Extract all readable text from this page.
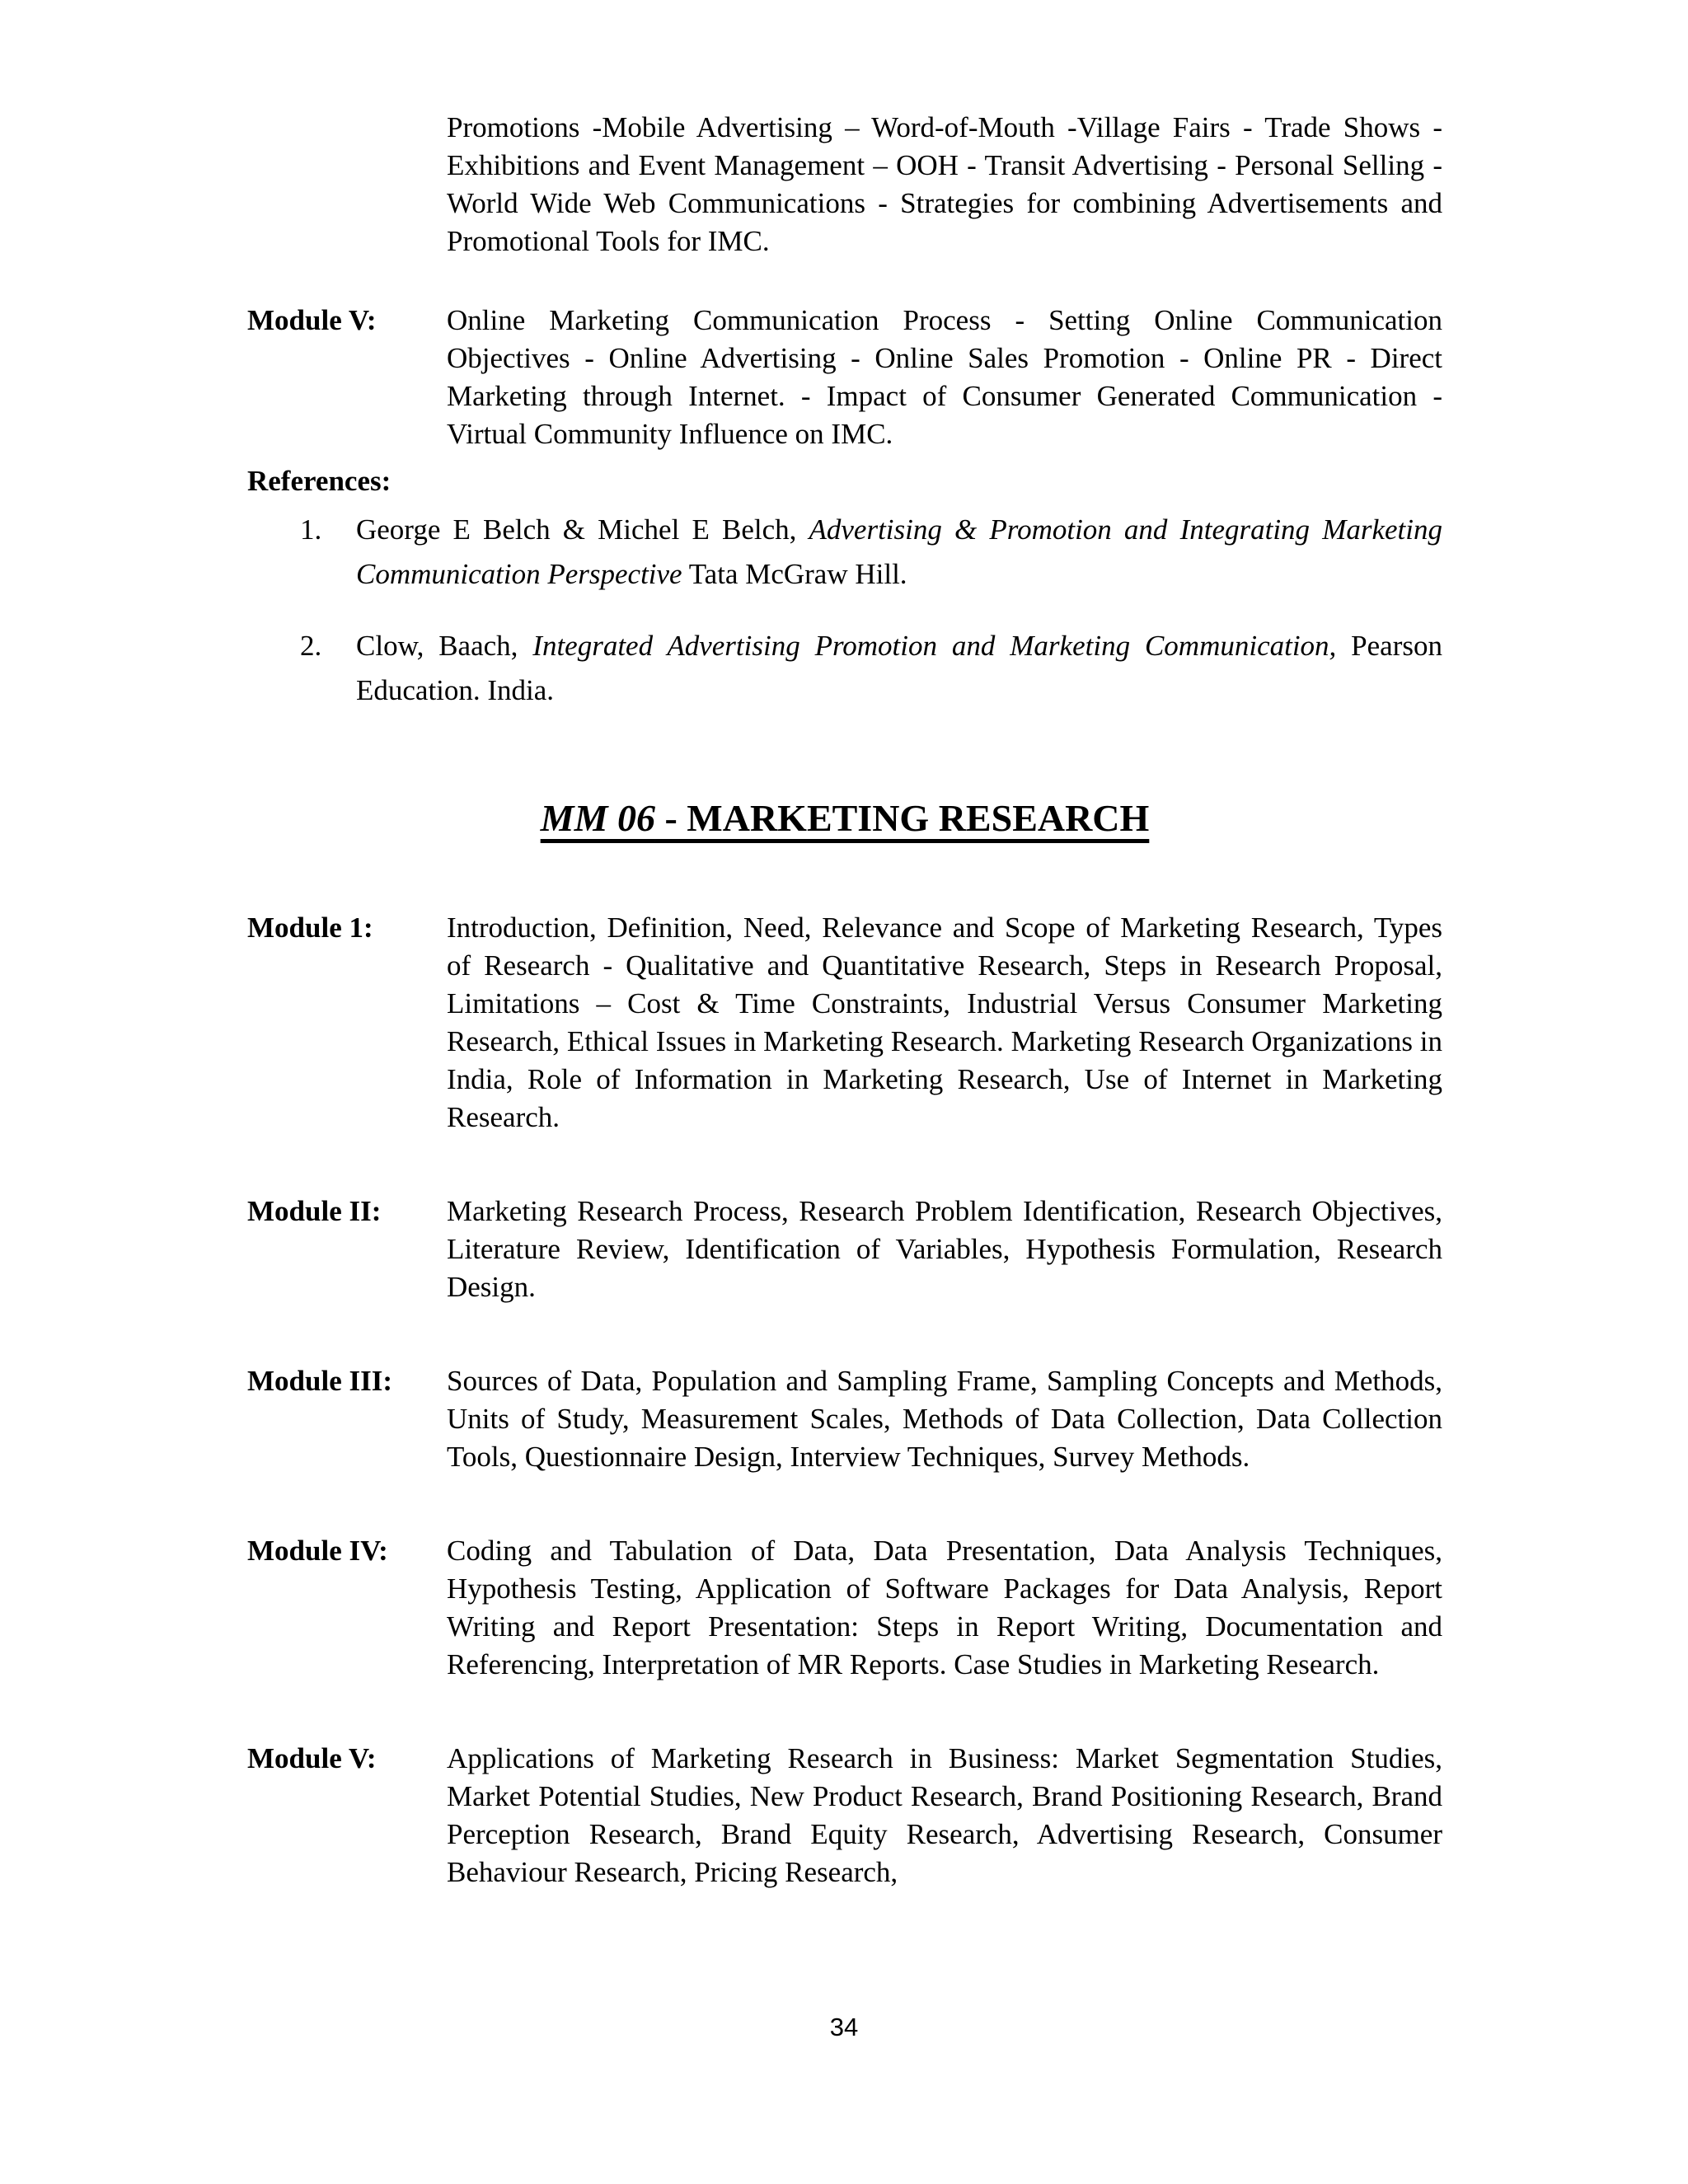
Promotions -Mobile Advertising – Word-of-Mouth -Village Fairs - Trade Shows - Exhibitions and Event Management – OOH - Transit Advertising - Personal Selling - World Wide Web Communications - Strategies for combining Advertisements and Promotional Tools for IMC.

Module V:	Online Marketing Communication Process - Setting Online Communication Objectives - Online Advertising - Online Sales Promotion - Online PR - Direct Marketing through Internet. - Impact of Consumer Generated Communication - Virtual Community Influence on IMC.

References:
1. George E Belch & Michel E Belch, Advertising & Promotion and Integrating Marketing Communication Perspective Tata McGraw Hill.
2. Clow, Baach, Integrated Advertising Promotion and Marketing Communication, Pearson Education. India.
MM 06 - MARKETING RESEARCH
Module 1:	Introduction, Definition, Need, Relevance and Scope of Marketing Research, Types of Research - Qualitative and Quantitative Research, Steps in Research Proposal, Limitations – Cost & Time Constraints, Industrial Versus Consumer Marketing Research, Ethical Issues in Marketing Research. Marketing Research Organizations in India, Role of Information in Marketing Research, Use of Internet in Marketing Research.

Module II:	Marketing Research Process, Research Problem Identification, Research Objectives, Literature Review, Identification of Variables, Hypothesis Formulation, Research Design.

Module III:	Sources of Data, Population and Sampling Frame, Sampling Concepts and Methods, Units of Study, Measurement Scales, Methods of Data Collection, Data Collection Tools, Questionnaire Design, Interview Techniques, Survey Methods.

Module IV:	Coding and Tabulation of Data, Data Presentation, Data Analysis Techniques, Hypothesis Testing, Application of Software Packages for Data Analysis, Report Writing and Report Presentation: Steps in Report Writing, Documentation and Referencing, Interpretation of MR Reports. Case Studies in Marketing Research.

Module V:	Applications of Marketing Research in Business: Market Segmentation Studies, Market Potential Studies, New Product Research, Brand Positioning Research, Brand Perception Research, Brand Equity Research, Advertising Research, Consumer Behaviour Research, Pricing Research,

34
